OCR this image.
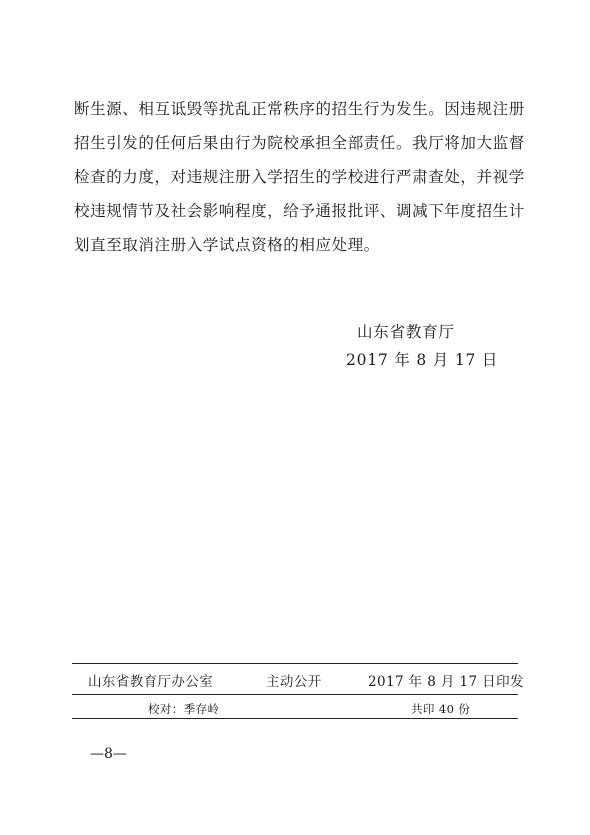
断生源、相互诋毁等扰乱正常秩序的招生行为发生。因违规注册
招生引发的任何后果由行为院校承担全部责任。我厅将加大监督
检查的力度，对违规注册入学招生的学校进行严肃查处，并视学
校违规情节及社会影响程度，给予通报批评、调减下年度招生计
划直至取消注册入学试点资格的相应处理。
山东省教育厅
2017 年 8 月 17 日
山东省教育厅办公室	主动公开	2017 年 8 月 17 日印发
校对：季存岭	共印 40 份
—8—
